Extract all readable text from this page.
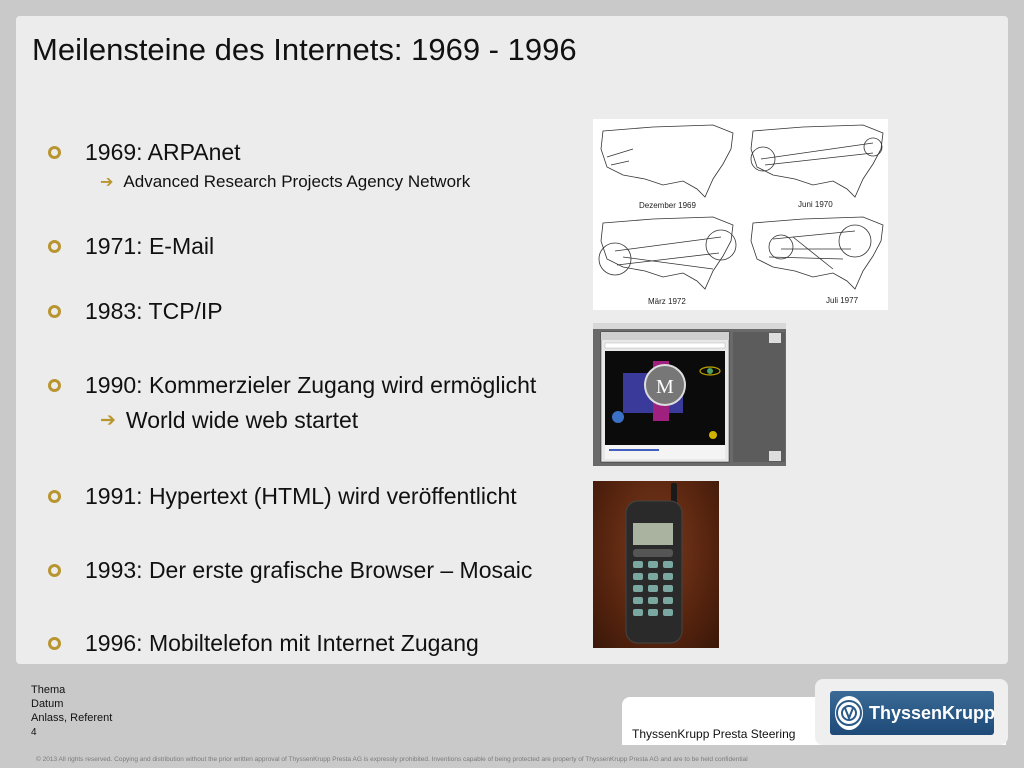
Meilensteine des Internets: 1969 - 1996
1969: ARPAnet
➔ Advanced Research Projects Agency Network
1971: E-Mail
1983: TCP/IP
1990: Kommerzieler Zugang wird ermöglicht
➔ World wide web startet
1991: Hypertext (HTML) wird veröffentlicht
1993: Der erste grafische Browser – Mosaic
1996: Mobiltelefon mit Internet Zugang
Dezember 1969	Juni 1970
März 1972	Juli 1977
M
Thema
Datum
Anlass, Referent
4	ThyssenKrupp Presta Steering
ThyssenKrupp
© 2013 All rights reserved. Copying and distribution without the prior written approval of ThyssenKrupp Presta AG is expressly prohibited. Inventions capable of being protected are property of ThyssenKrupp Presta AG and are to be held confidential
